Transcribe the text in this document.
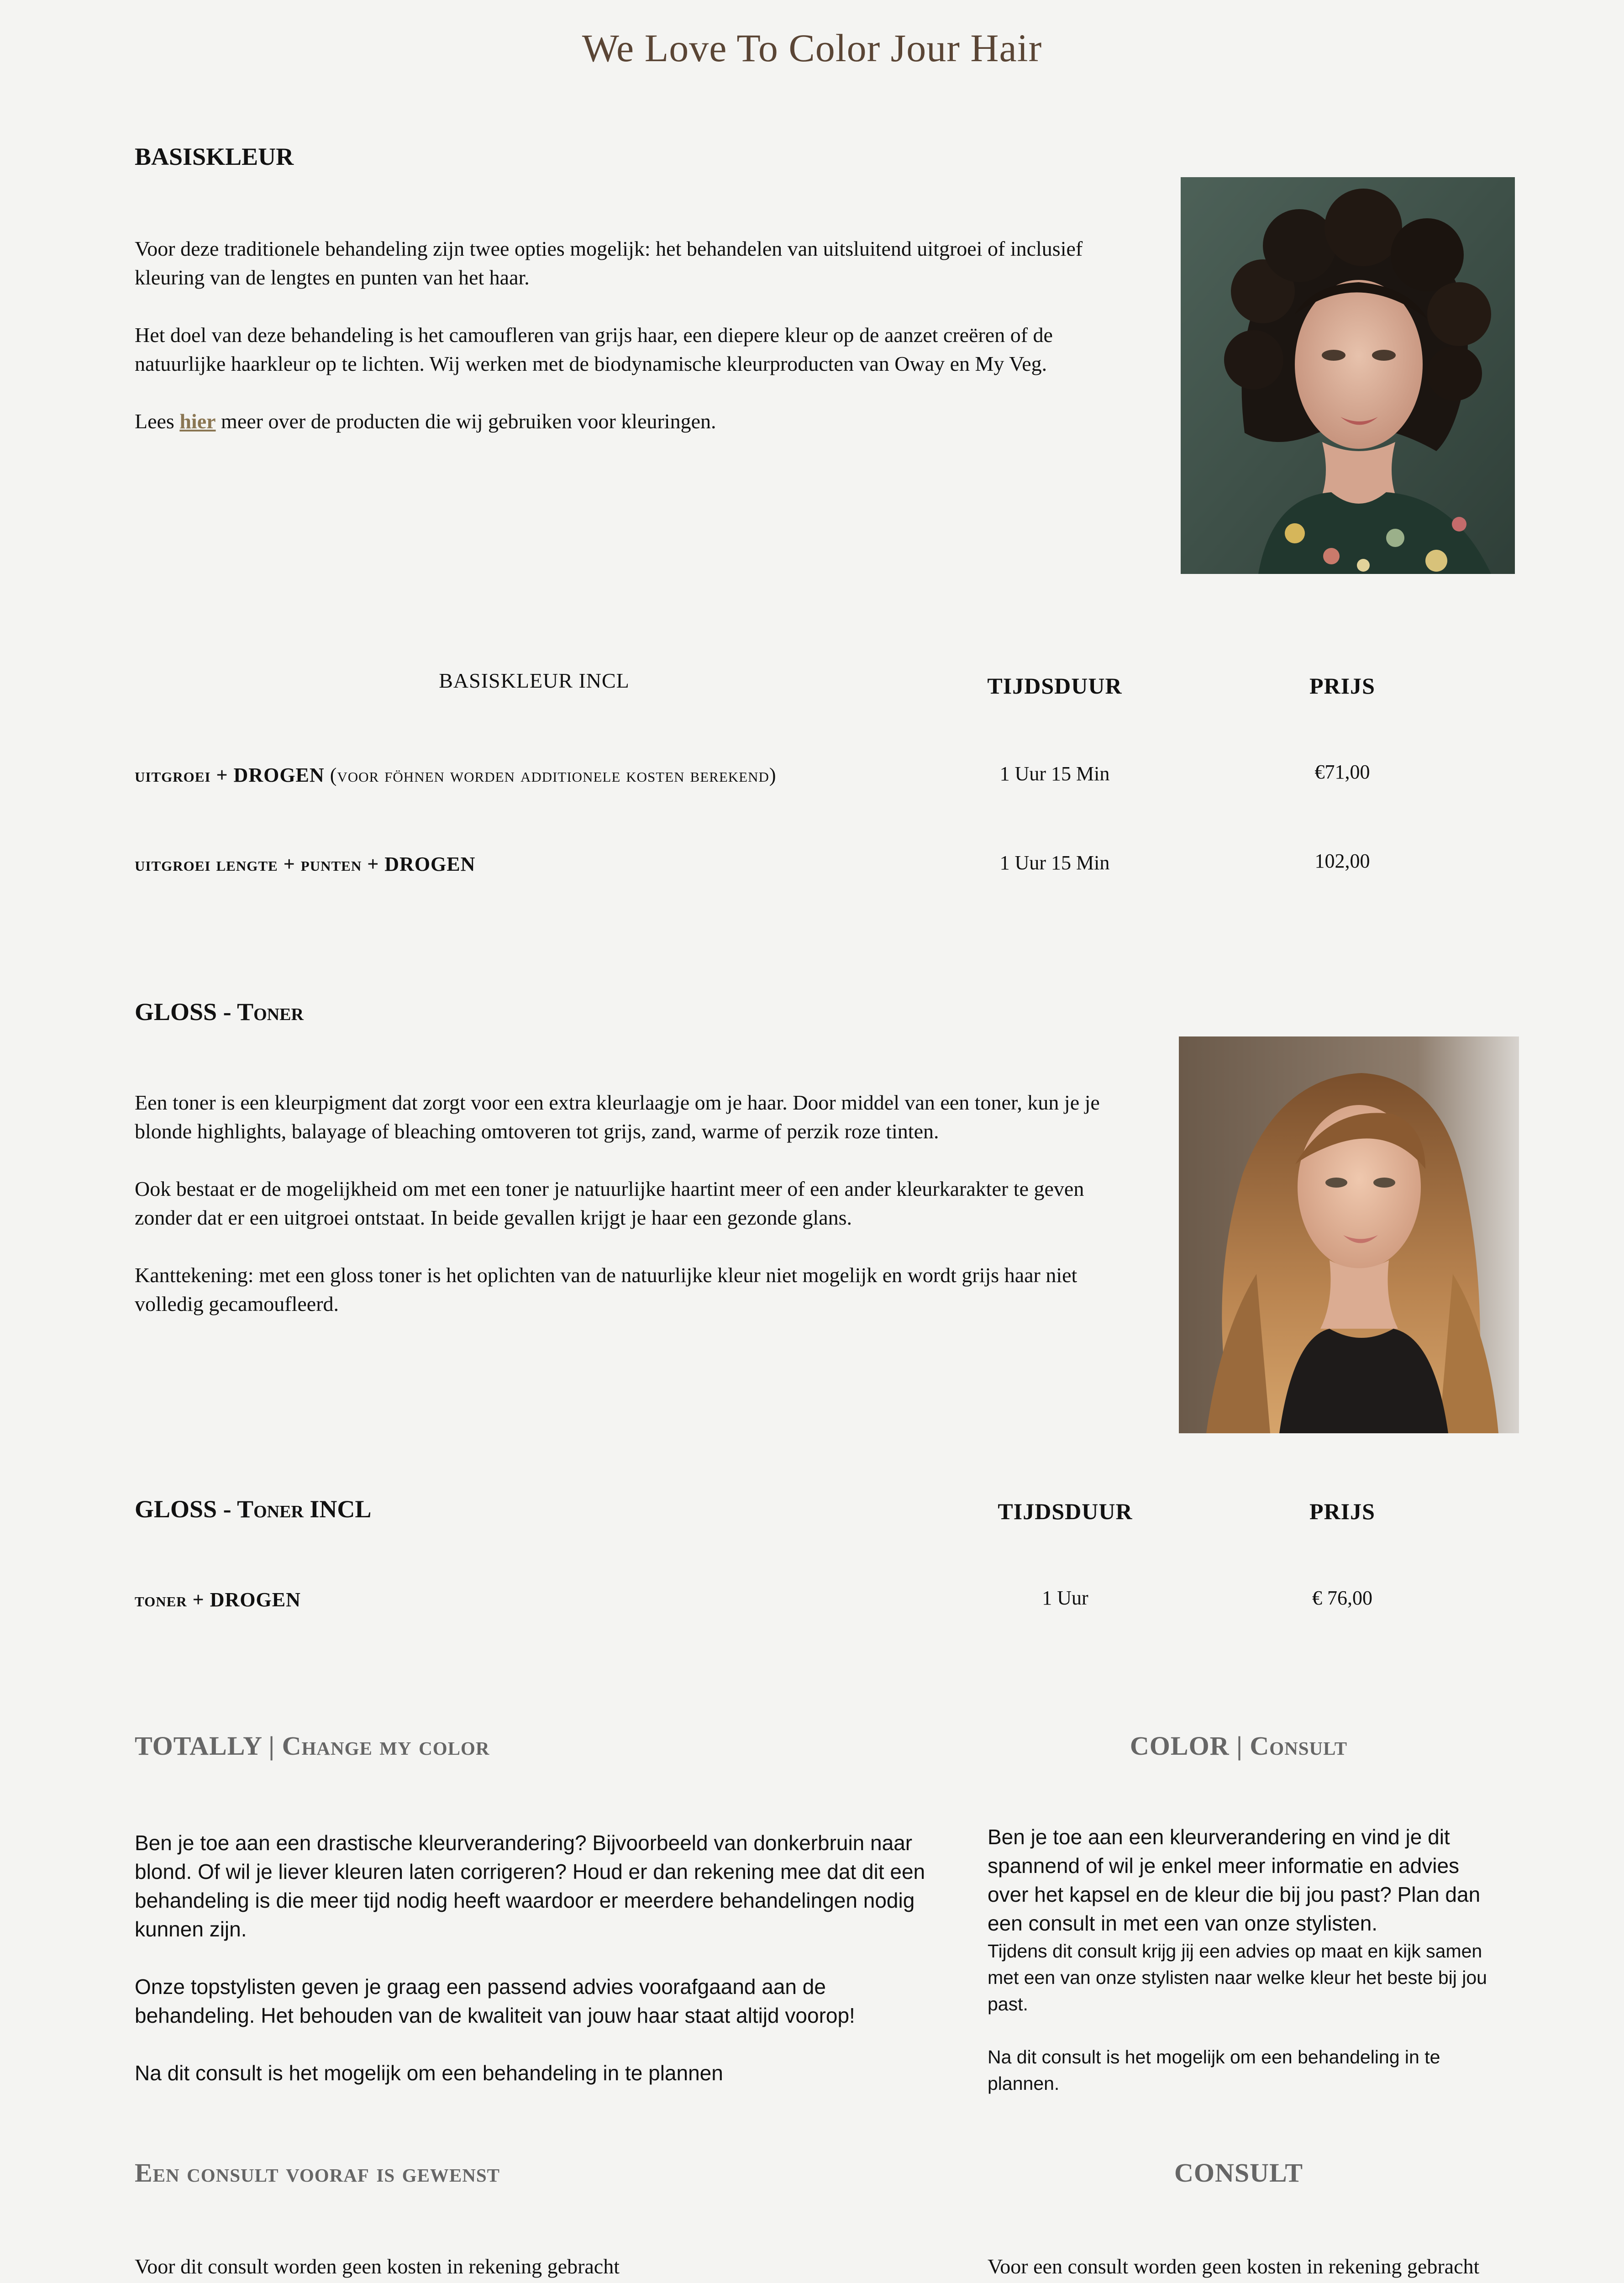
We Love To Color Jour Hair
BASISKLEUR

Voor deze traditionele behandeling zijn twee opties mogelijk: het behandelen van uitsluitend uitgroei of inclusief kleuring van de lengtes en punten van het haar.

Het doel van deze behandeling is het camoufleren van grijs haar, een diepere kleur op de aanzet creëren of de natuurlijke haarkleur op te lichten. Wij werken met de biodynamische kleurproducten van Oway en My Veg.

Lees hier meer over de producten die wij gebruiken voor kleuringen.

BASISKLEUR INCL	TIJDSDUUR	PRIJS
uitgroei + DROGEN (voor föhnen worden additionele kosten berekend)	1 Uur 15 Min	€71,00
uitgroei lengte + punten + DROGEN	1 Uur 15 Min	102,00
GLOSS - Toner

Een toner is een kleurpigment dat zorgt voor een extra kleurlaagje om je haar. Door middel van een toner, kun je je blonde highlights, balayage of bleaching omtoveren tot grijs, zand, warme of perzik roze tinten.

Ook bestaat er de mogelijkheid om met een toner je natuurlijke haartint meer of een ander kleurkarakter te geven zonder dat er een uitgroei ontstaat. In beide gevallen krijgt je haar een gezonde glans.

Kanttekening: met een gloss toner is het oplichten van de natuurlijke kleur niet mogelijk en wordt grijs haar niet volledig gecamoufleerd.

GLOSS - Toner INCL	TIJDSDUUR	PRIJS
toner + DROGEN	1 Uur	€ 76,00
TOTALLY | Change my color

Ben je toe aan een drastische kleurverandering? Bijvoorbeeld van donkerbruin naar blond. Of wil je liever kleuren laten corrigeren? Houd er dan rekening mee dat dit een behandeling is die meer tijd nodig heeft waardoor er meerdere behandelingen nodig kunnen zijn.

Onze topstylisten geven je graag een passend advies voorafgaand aan de behandeling. Het behouden van de kwaliteit van jouw haar staat altijd voorop!

Na dit consult is het mogelijk om een behandeling in te plannen

COLOR | Consult
Ben je toe aan een kleurverandering en vind je dit spannend of wil je enkel meer informatie en advies over het kapsel en de kleur die bij jou past? Plan dan een consult in met een van onze stylisten.
Tijdens dit consult krijg jij een advies op maat en kijk samen met een van onze stylisten naar welke kleur het beste bij jou past.
Na dit consult is het mogelijk om een behandeling in te plannen.
Een consult vooraf is gewenst
Voor dit consult worden geen kosten in rekening gebracht
CONSULT
Voor een consult worden geen kosten in rekening gebracht
